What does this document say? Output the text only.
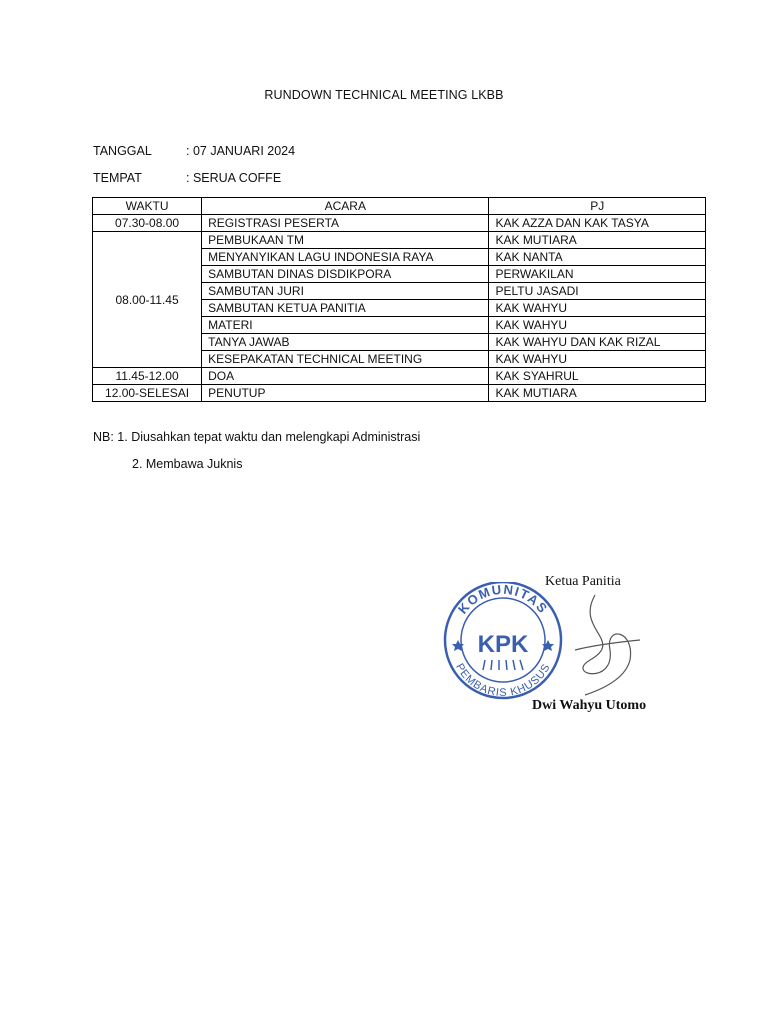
RUNDOWN TECHNICAL MEETING LKBB
TANGGAL	: 07 JANUARI 2024
TEMPAT	: SERUA COFFE
WAKTU	ACARA	PJ
07.30-08.00	REGISTRASI PESERTA	KAK AZZA DAN KAK TASYA
08.00-11.45	PEMBUKAAN TM	KAK MUTIARA
	MENYANYIKAN LAGU INDONESIA RAYA	KAK NANTA
	SAMBUTAN DINAS DISDIKPORA	PERWAKILAN
	SAMBUTAN JURI	PELTU JASADI
	SAMBUTAN KETUA PANITIA	KAK WAHYU
	MATERI	KAK WAHYU
	TANYA JAWAB	KAK WAHYU DAN KAK RIZAL
	KESEPAKATAN TECHNICAL MEETING	KAK WAHYU
11.45-12.00	DOA	KAK SYAHRUL
12.00-SELESAI	PENUTUP	KAK MUTIARA
NB: 1. Diusahkan tepat waktu dan melengkapi Administrasi
2. Membawa Juknis
KOMUNITAS
PEMBARIS KHUSUS
KPK
Ketua Panitia
Dwi Wahyu Utomo
